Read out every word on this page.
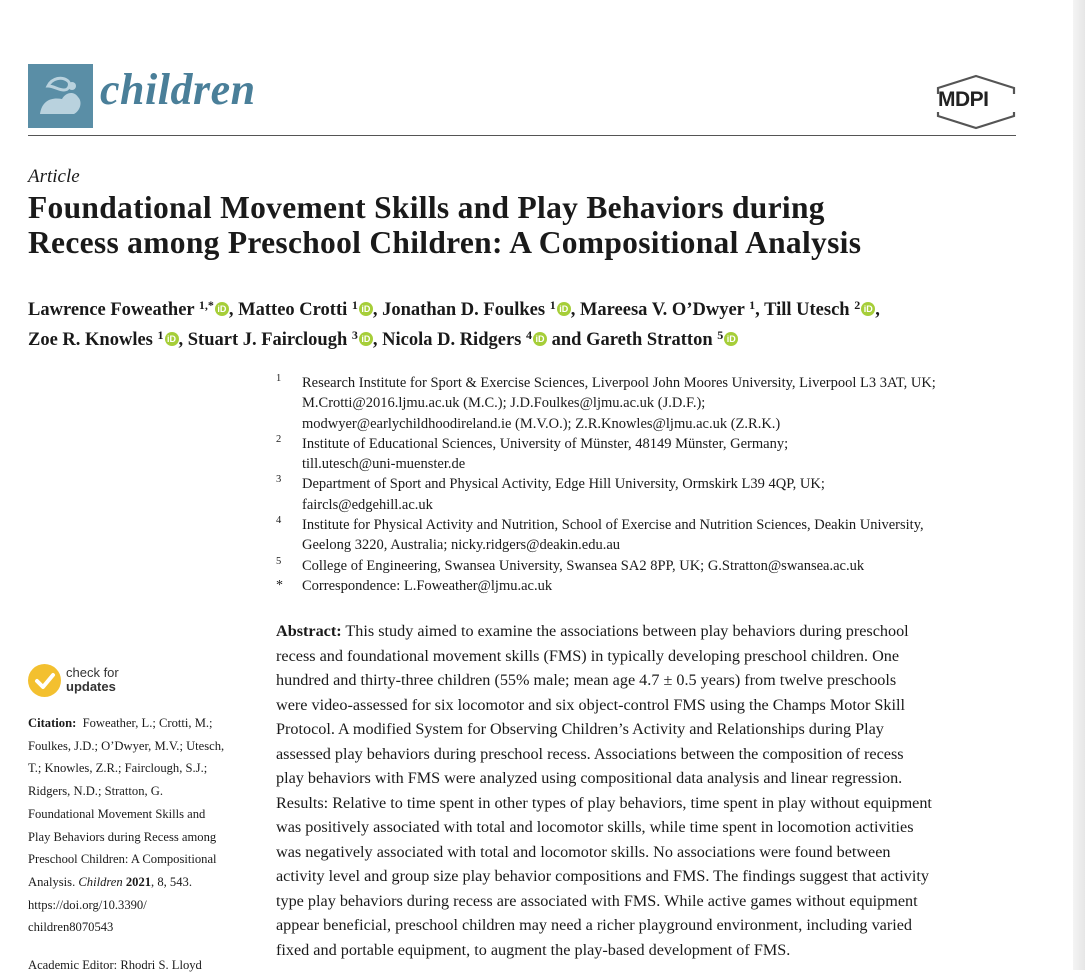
children	MDPI
Article
Foundational Movement Skills and Play Behaviors during
Recess among Preschool Children: A Compositional Analysis
Lawrence Foweather $^{1,*}$ iD , Matteo Crotti $^1$ iD , Jonathan D. Foulkes $^1$ iD , Mareesa V. O’Dwyer $^1$, Till Utesch $^2$ iD ,
Zoe R. Knowles $^1$ iD , Stuart J. Fairclough $^3$ iD , Nicola D. Ridgers $^4$ iD and Gareth Stratton $^5$ iD
1 Research Institute for Sport & Exercise Sciences, Liverpool John Moores University, Liverpool L3 3AT, UK;
M.Crotti@2016.ljmu.ac.uk (M.C.); J.D.Foulkes@ljmu.ac.uk (J.D.F.);
modwyer@earlychildhoodireland.ie (M.V.O.); Z.R.Knowles@ljmu.ac.uk (Z.R.K.)
2 Institute of Educational Sciences, University of Münster, 48149 Münster, Germany;
till.utesch@uni-muenster.de
3 Department of Sport and Physical Activity, Edge Hill University, Ormskirk L39 4QP, UK;
faircls@edgehill.ac.uk
4 Institute for Physical Activity and Nutrition, School of Exercise and Nutrition Sciences, Deakin University,
Geelong 3220, Australia; nicky.ridgers@deakin.edu.au
5 College of Engineering, Swansea University, Swansea SA2 8PP, UK; G.Stratton@swansea.ac.uk
* Correspondence: L.Foweather@ljmu.ac.uk
check for
updates
Citation:  Foweather, L.; Crotti, M.;
Foulkes, J.D.; O’Dwyer, M.V.; Utesch,
T.; Knowles, Z.R.; Fairclough, S.J.;
Ridgers, N.D.; Stratton, G.
Foundational Movement Skills and
Play Behaviors during Recess among
Preschool Children: A Compositional
Analysis. Children 2021, 8, 543.
https://doi.org/10.3390/
children8070543
Academic Editor: Rhodri S. Lloyd
Abstract: This study aimed to examine the associations between play behaviors during preschool
recess and foundational movement skills (FMS) in typically developing preschool children. One
hundred and thirty-three children (55% male; mean age 4.7 ± 0.5 years) from twelve preschools
were video-assessed for six locomotor and six object-control FMS using the Champs Motor Skill
Protocol. A modified System for Observing Children’s Activity and Relationships during Play
assessed play behaviors during preschool recess. Associations between the composition of recess
play behaviors with FMS were analyzed using compositional data analysis and linear regression.
Results: Relative to time spent in other types of play behaviors, time spent in play without equipment
was positively associated with total and locomotor skills, while time spent in locomotion activities
was negatively associated with total and locomotor skills. No associations were found between
activity level and group size play behavior compositions and FMS. The findings suggest that activity
type play behaviors during recess are associated with FMS. While active games without equipment
appear beneficial, preschool children may need a richer playground environment, including varied
fixed and portable equipment, to augment the play-based development of FMS.
